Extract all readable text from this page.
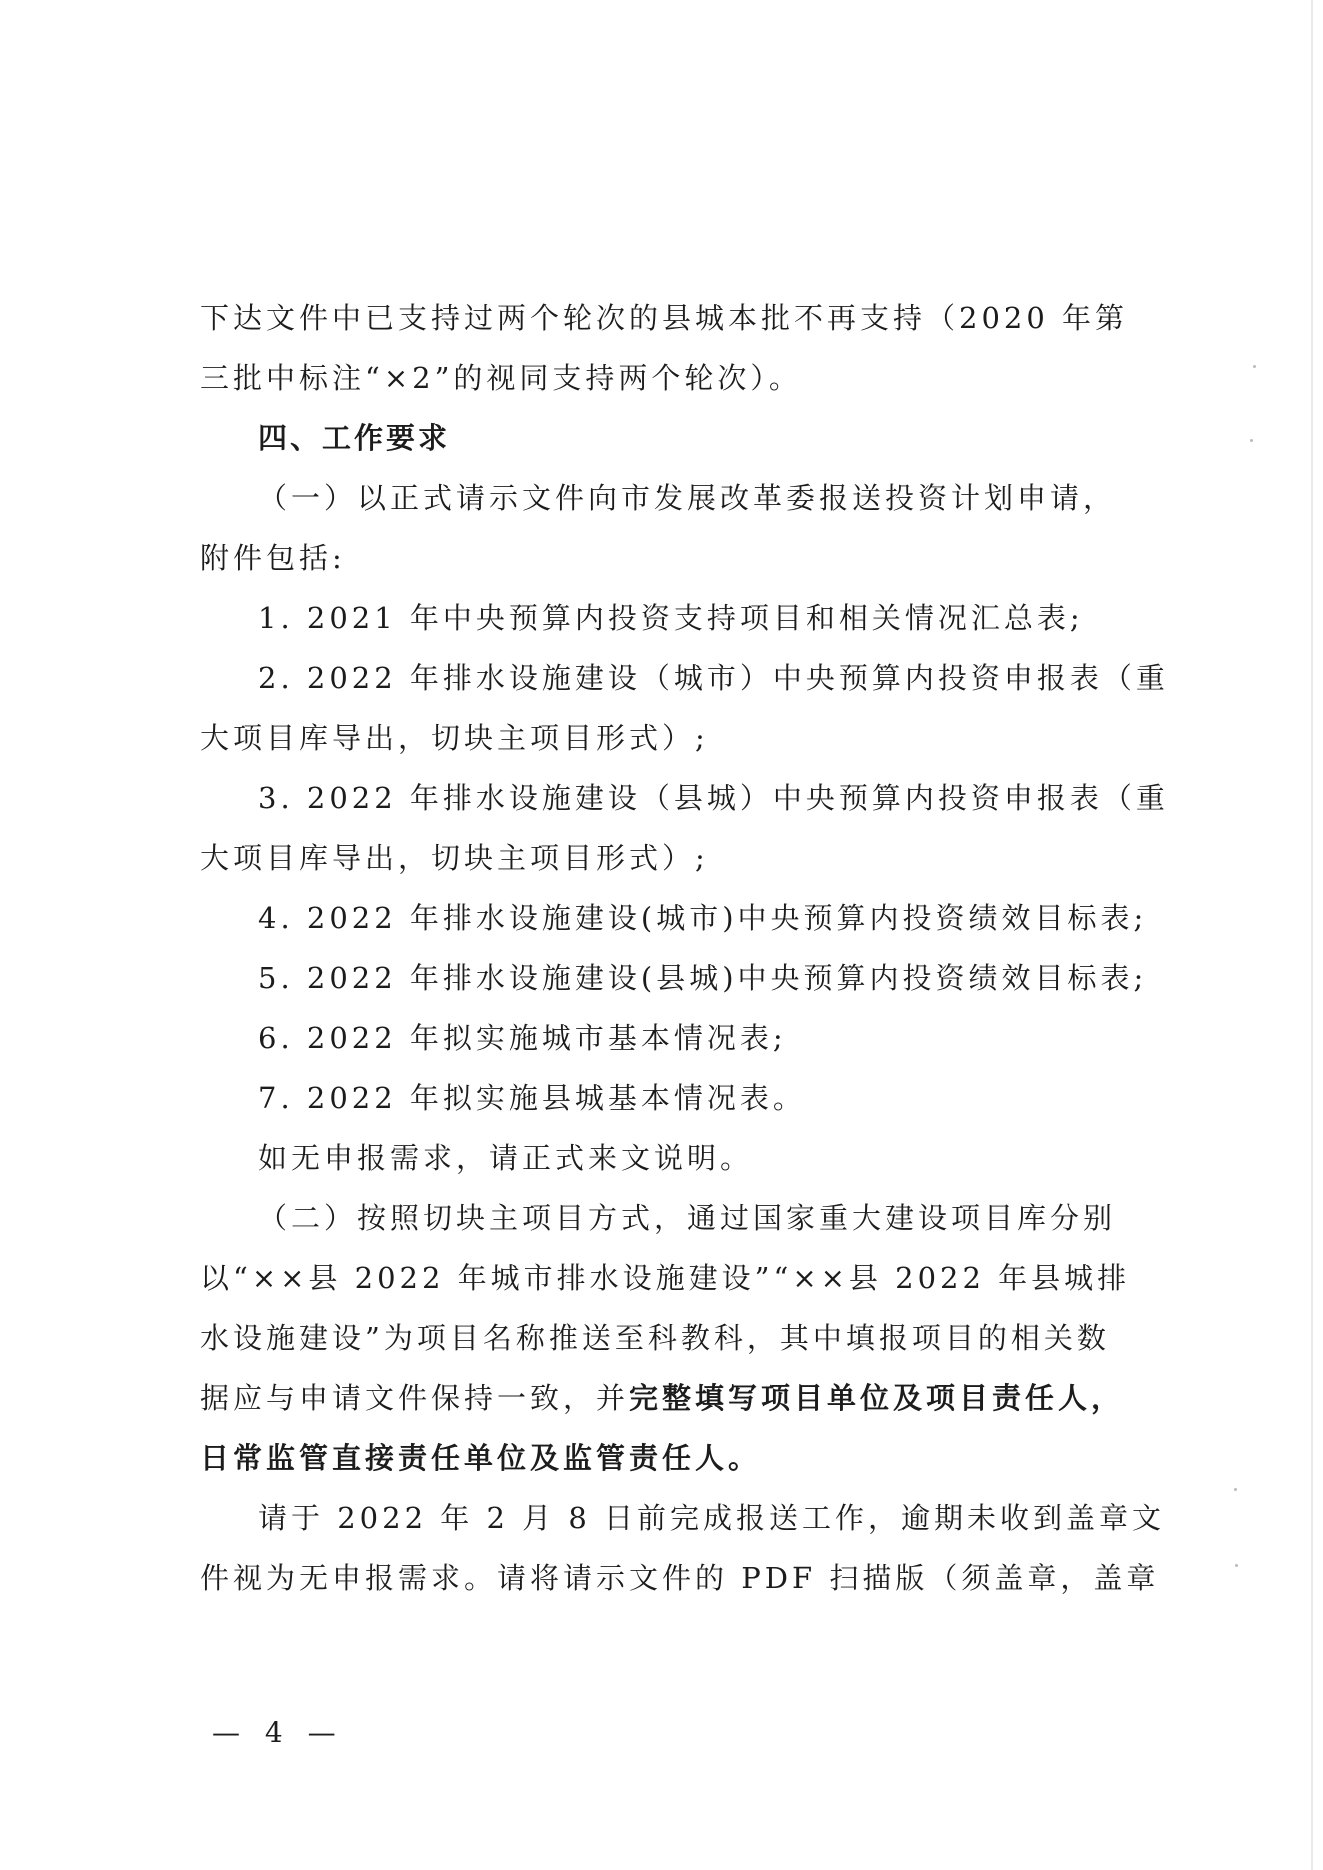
下达文件中已支持过两个轮次的县城本批不再支持（2020 年第
三批中标注“×2”的视同支持两个轮次）。
四、工作要求
（一）以正式请示文件向市发展改革委报送投资计划申请，
附件包括:
1. 2021 年中央预算内投资支持项目和相关情况汇总表;
2. 2022 年排水设施建设（城市）中央预算内投资申报表（重
大项目库导出，切块主项目形式）;
3. 2022 年排水设施建设（县城）中央预算内投资申报表（重
大项目库导出，切块主项目形式）;
4. 2022 年排水设施建设(城市)中央预算内投资绩效目标表;
5. 2022 年排水设施建设(县城)中央预算内投资绩效目标表;
6. 2022 年拟实施城市基本情况表;
7. 2022 年拟实施县城基本情况表。
如无申报需求，请正式来文说明。
（二）按照切块主项目方式，通过国家重大建设项目库分别
以“××县 2022 年城市排水设施建设”“××县 2022 年县城排
水设施建设”为项目名称推送至科教科，其中填报项目的相关数
据应与申请文件保持一致，并完整填写项目单位及项目责任人，
日常监管直接责任单位及监管责任人。
请于 2022 年 2 月 8 日前完成报送工作，逾期未收到盖章文
件视为无申报需求。请将请示文件的 PDF 扫描版（须盖章，盖章
— 4 —
